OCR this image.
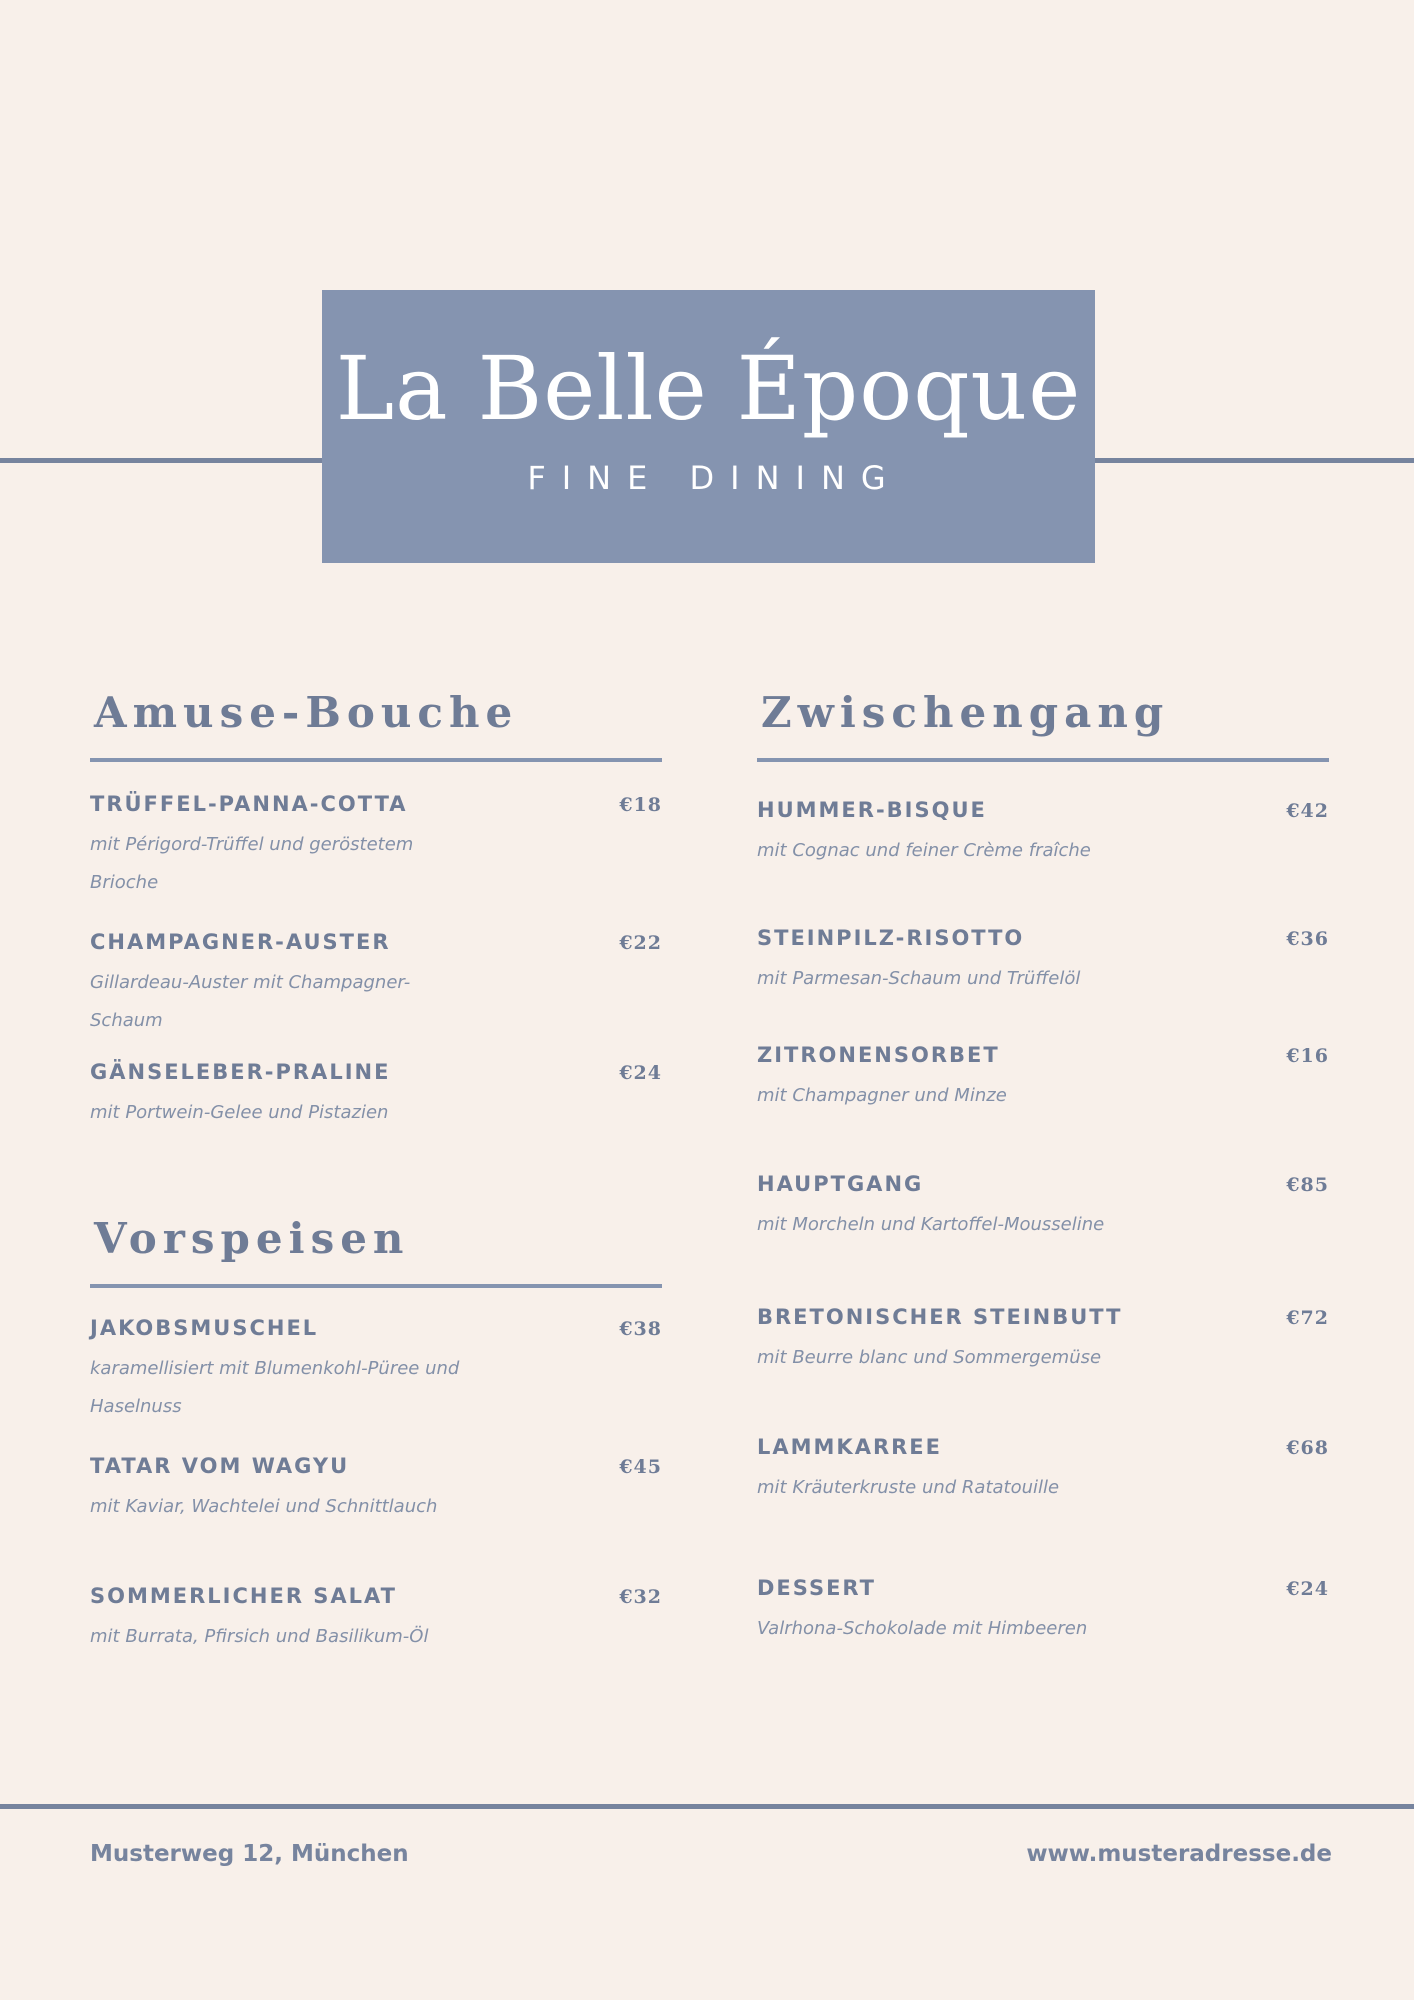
La Belle Époque
FINE DINING
Amuse-Bouche
TRÜFFEL-PANNA-COTTA	€18
mit Périgord-Trüffel und geröstetem Brioche
CHAMPAGNER-AUSTER	€22
Gillardeau-Auster mit Champagner-Schaum
GÄNSELEBER-PRALINE	€24
mit Portwein-Gelee und Pistazien
Vorspeisen
JAKOBSMUSCHEL	€38
karamellisiert mit Blumenkohl-Püree und Haselnuss
TATAR VOM WAGYU	€45
mit Kaviar, Wachtelei und Schnittlauch
SOMMERLICHER SALAT	€32
mit Burrata, Pfirsich und Basilikum-Öl
Zwischengang
HUMMER-BISQUE	€42
mit Cognac und feiner Crème fraîche
STEINPILZ-RISOTTO	€36
mit Parmesan-Schaum und Trüffelöl
ZITRONENSORBET	€16
mit Champagner und Minze
HAUPTGANG	€85
mit Morcheln und Kartoffel-Mousseline
BRETONISCHER STEINBUTT	€72
mit Beurre blanc und Sommergemüse
LAMMKARREE	€68
mit Kräuterkruste und Ratatouille
DESSERT	€24
Valrhona-Schokolade mit Himbeeren
Musterweg 12, München	www.musteradresse.de
